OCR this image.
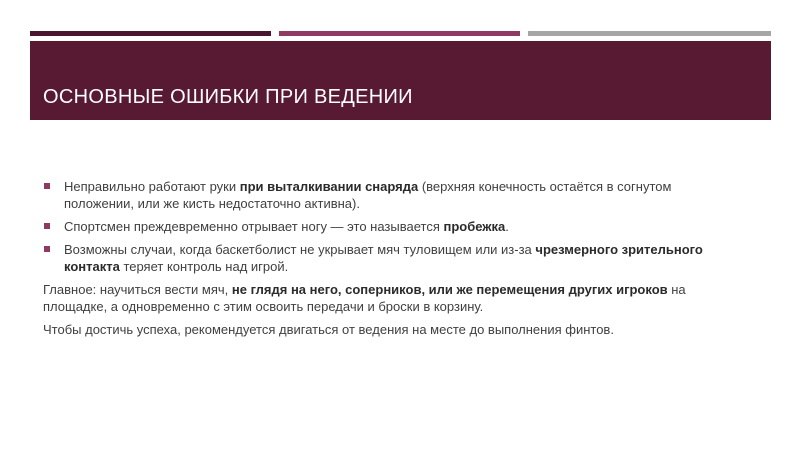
ОСНОВНЫЕ ОШИБКИ ПРИ ВЕДЕНИИ
Неправильно работают руки при выталкивании снаряда (верхняя конечность остаётся в согнутом положении, или же кисть недостаточно активна).
Спортсмен преждевременно отрывает ногу — это называется пробежка.
Возможны случаи, когда баскетболист не укрывает мяч туловищем или из-за чрезмерного зрительного контакта теряет контроль над игрой.

Главное: научиться вести мяч, не глядя на него, соперников, или же перемещения других игроков на площадке, а одновременно с этим освоить передачи и броски в корзину.

Чтобы достичь успеха, рекомендуется двигаться от ведения на месте до выполнения финтов.
